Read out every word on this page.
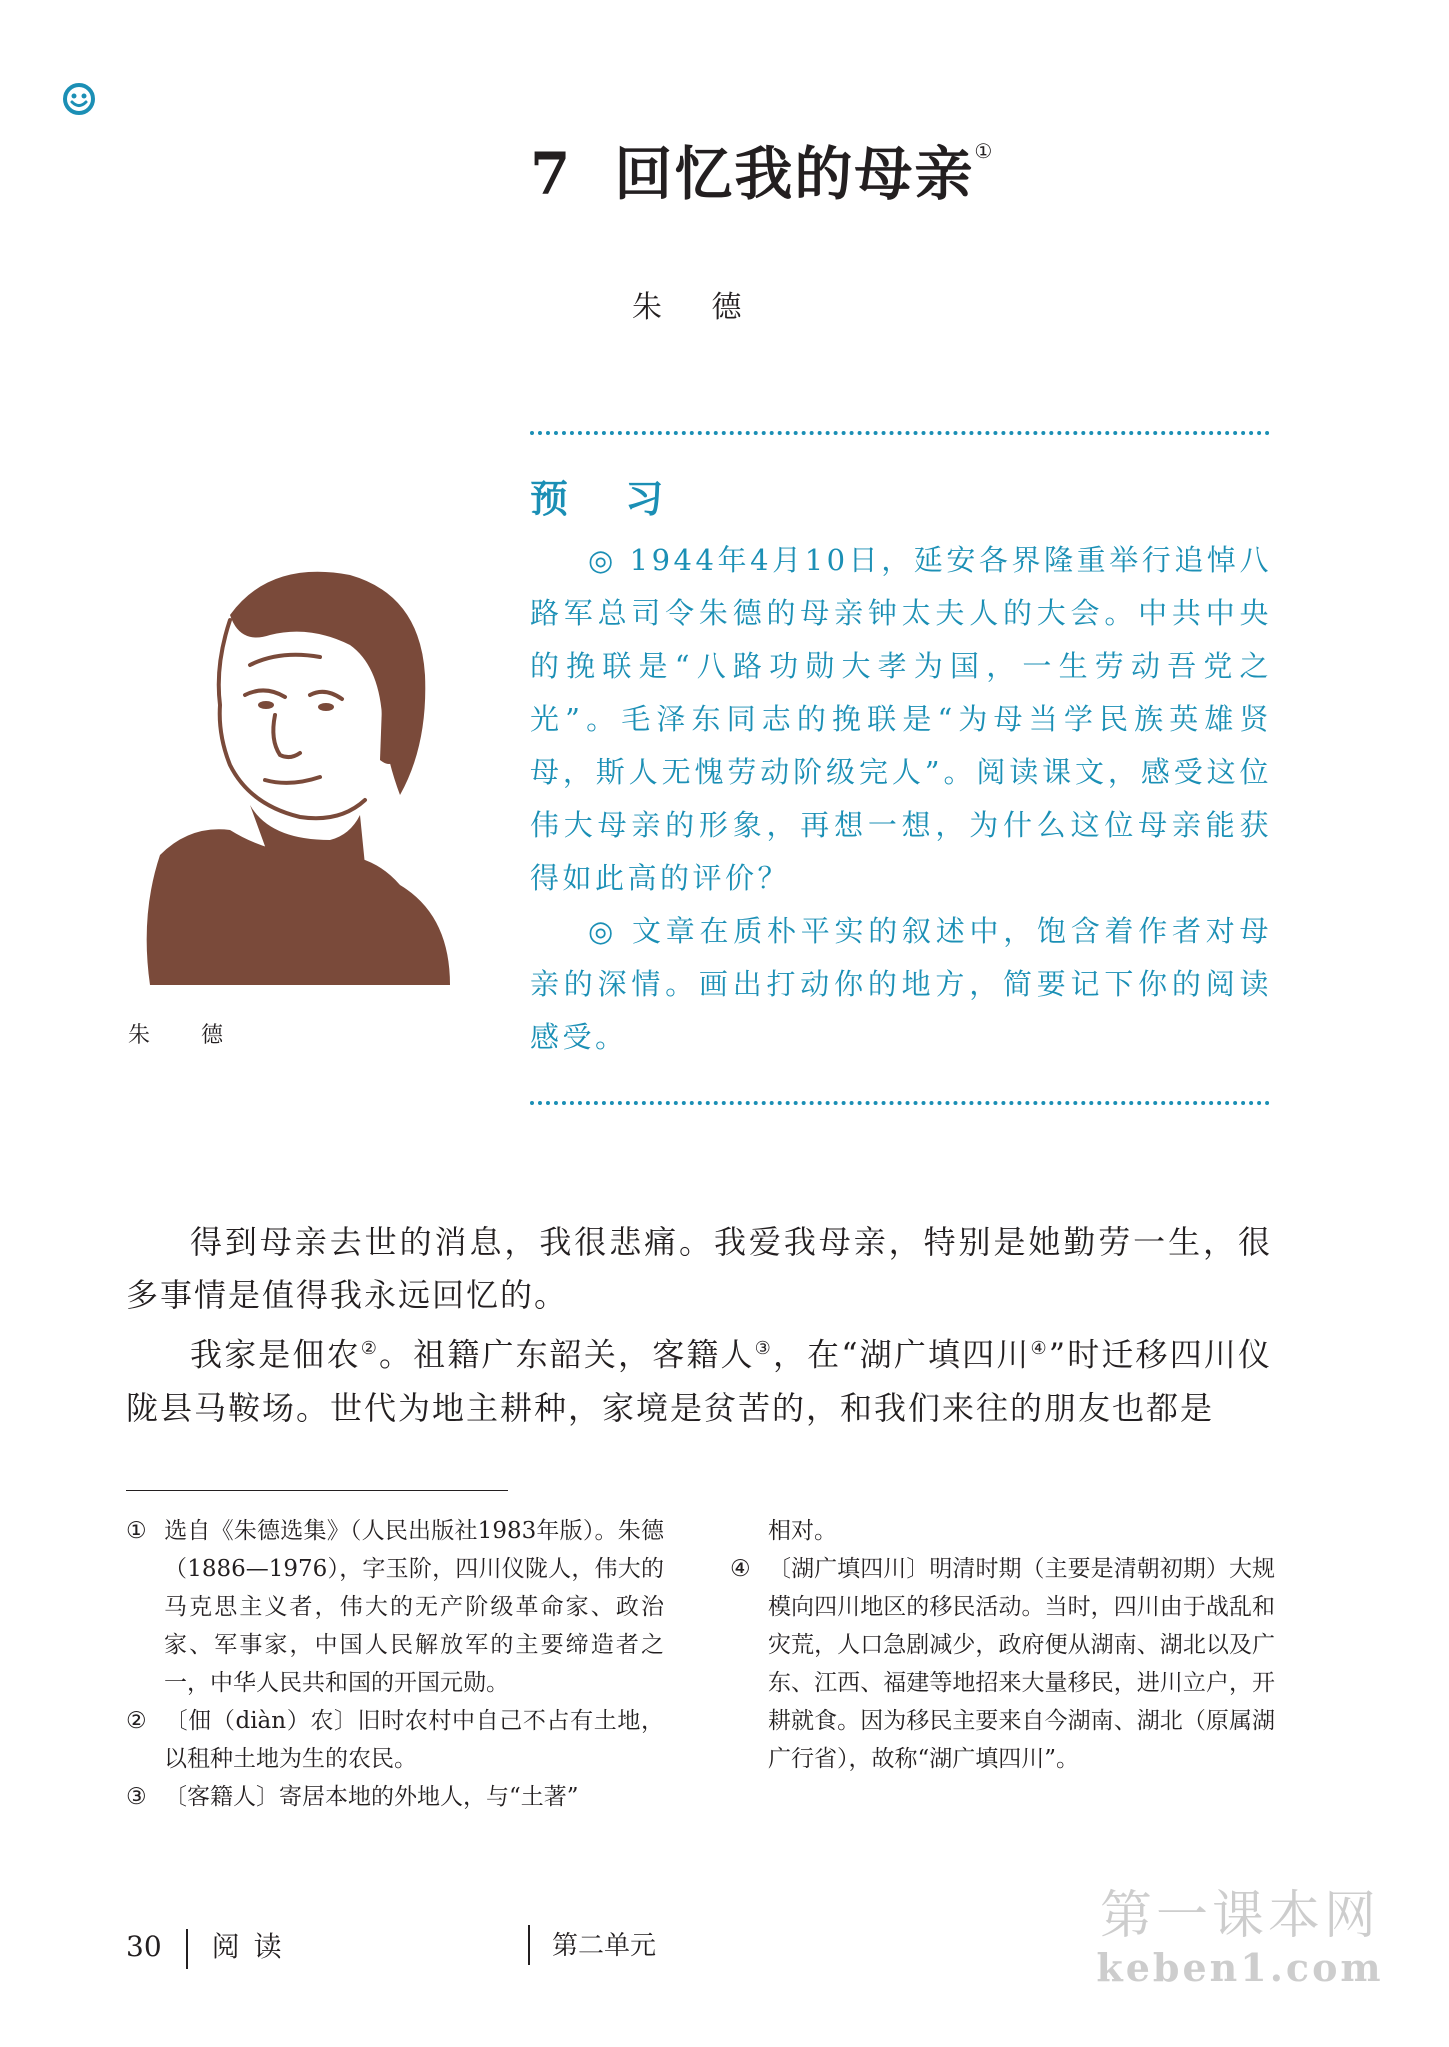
7 回忆我的母亲①
朱 德
预 习

◎ 1944年4月10日，延安各界隆重举行追悼八路军总司令朱德的母亲钟太夫人的大会。中共中央的挽联是“八路功勋大孝为国，一生劳动吾党之光”。毛泽东同志的挽联是“为母当学民族英雄贤母，斯人无愧劳动阶级完人”。阅读课文，感受这位伟大母亲的形象，再想一想，为什么这位母亲能获得如此高的评价？

◎ 文章在质朴平实的叙述中，饱含着作者对母亲的深情。画出打动你的地方，简要记下你的阅读感受。

朱 德

得到母亲去世的消息，我很悲痛。我爱我母亲，特别是她勤劳一生，很多事情是值得我永远回忆的。

我家是佃农②。祖籍广东韶关，客籍人③，在“湖广填四川④”时迁移四川仪陇县马鞍场。世代为地主耕种，家境是贫苦的，和我们来往的朋友也都是

① 选自《朱德选集》（人民出版社1983年版）。朱德（1886—1976），字玉阶，四川仪陇人，伟大的马克思主义者，伟大的无产阶级革命家、政治家、军事家，中国人民解放军的主要缔造者之一，中华人民共和国的开国元勋。

② 〔佃（diàn）农〕旧时农村中自己不占有土地，以租种土地为生的农民。

③ 〔客籍人〕寄居本地的外地人，与“土著”

相对。

④ 〔湖广填四川〕明清时期（主要是清朝初期）大规模向四川地区的移民活动。当时，四川由于战乱和灾荒，人口急剧减少，政府便从湖南、湖北以及广东、江西、福建等地招来大量移民，进川立户，开耕就食。因为移民主要来自今湖南、湖北（原属湖广行省），故称“湖广填四川”。

30 阅读	第二单元	第一课本网
keben1.com
